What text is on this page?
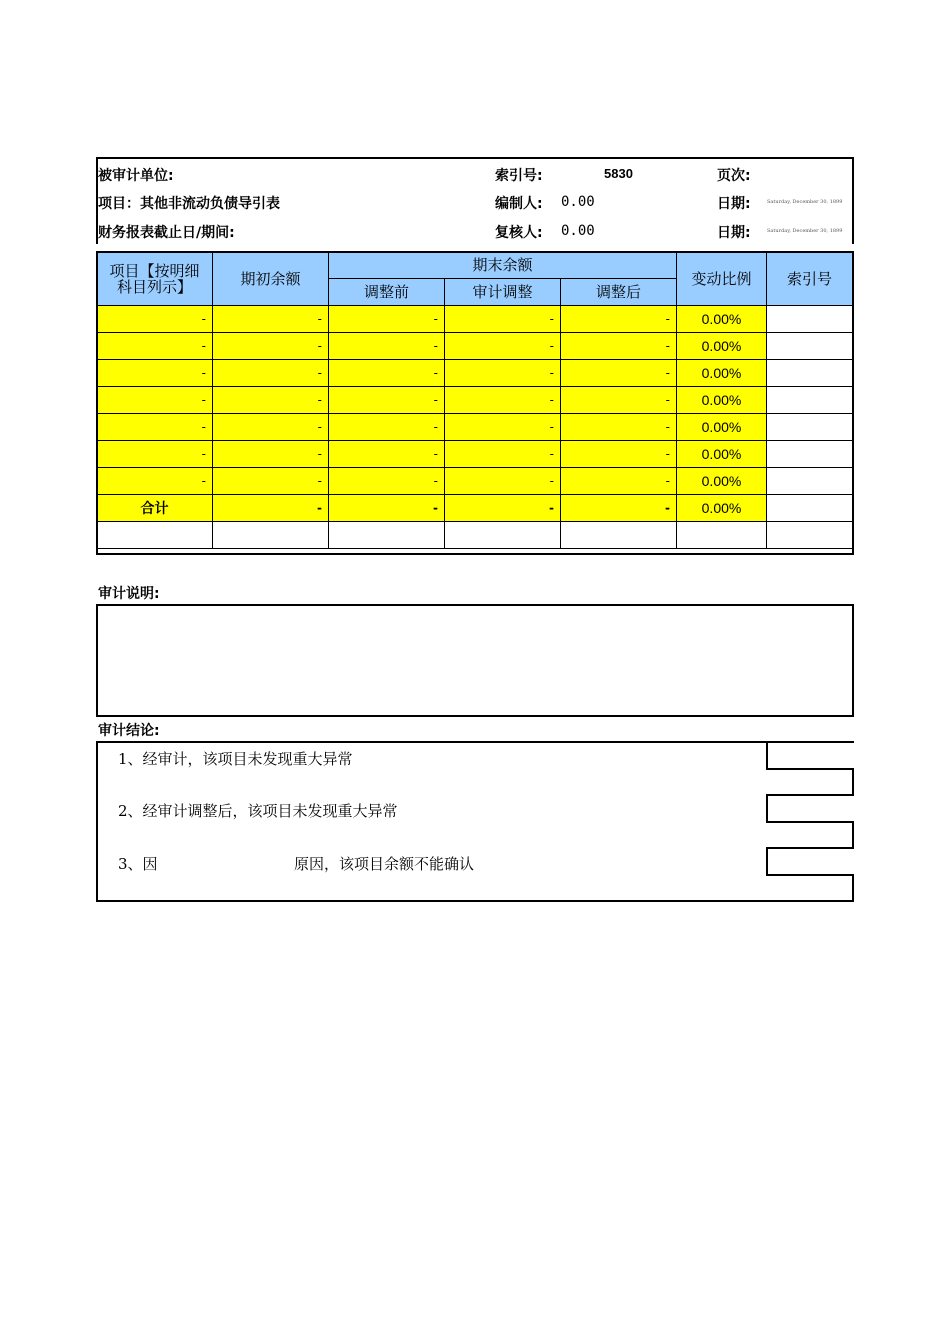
被审计单位:	索引号:	5830	页次:
项目：其他非流动负债导引表	编制人: 0.00	日期:	Saturday, December 30, 1899
财务报表截止日/期间:	复核人: 0.00	日期:	Saturday, December 30, 1899
项目【按明细科目列示】	期初余额	期末余额			变动比例	索引号
		调整前	审计调整	调整后		
-	-	-	-	-	0.00%	
-	-	-	-	-	0.00%	
-	-	-	-	-	0.00%	
-	-	-	-	-	0.00%	
-	-	-	-	-	0.00%	
-	-	-	-	-	0.00%	
-	-	-	-	-	0.00%	
合计	-	-	-	-	0.00%	

审计说明:
审计结论:
1、经审计，该项目未发现重大异常
2、经审计调整后，该项目未发现重大异常
3、因	原因，该项目余额不能确认
